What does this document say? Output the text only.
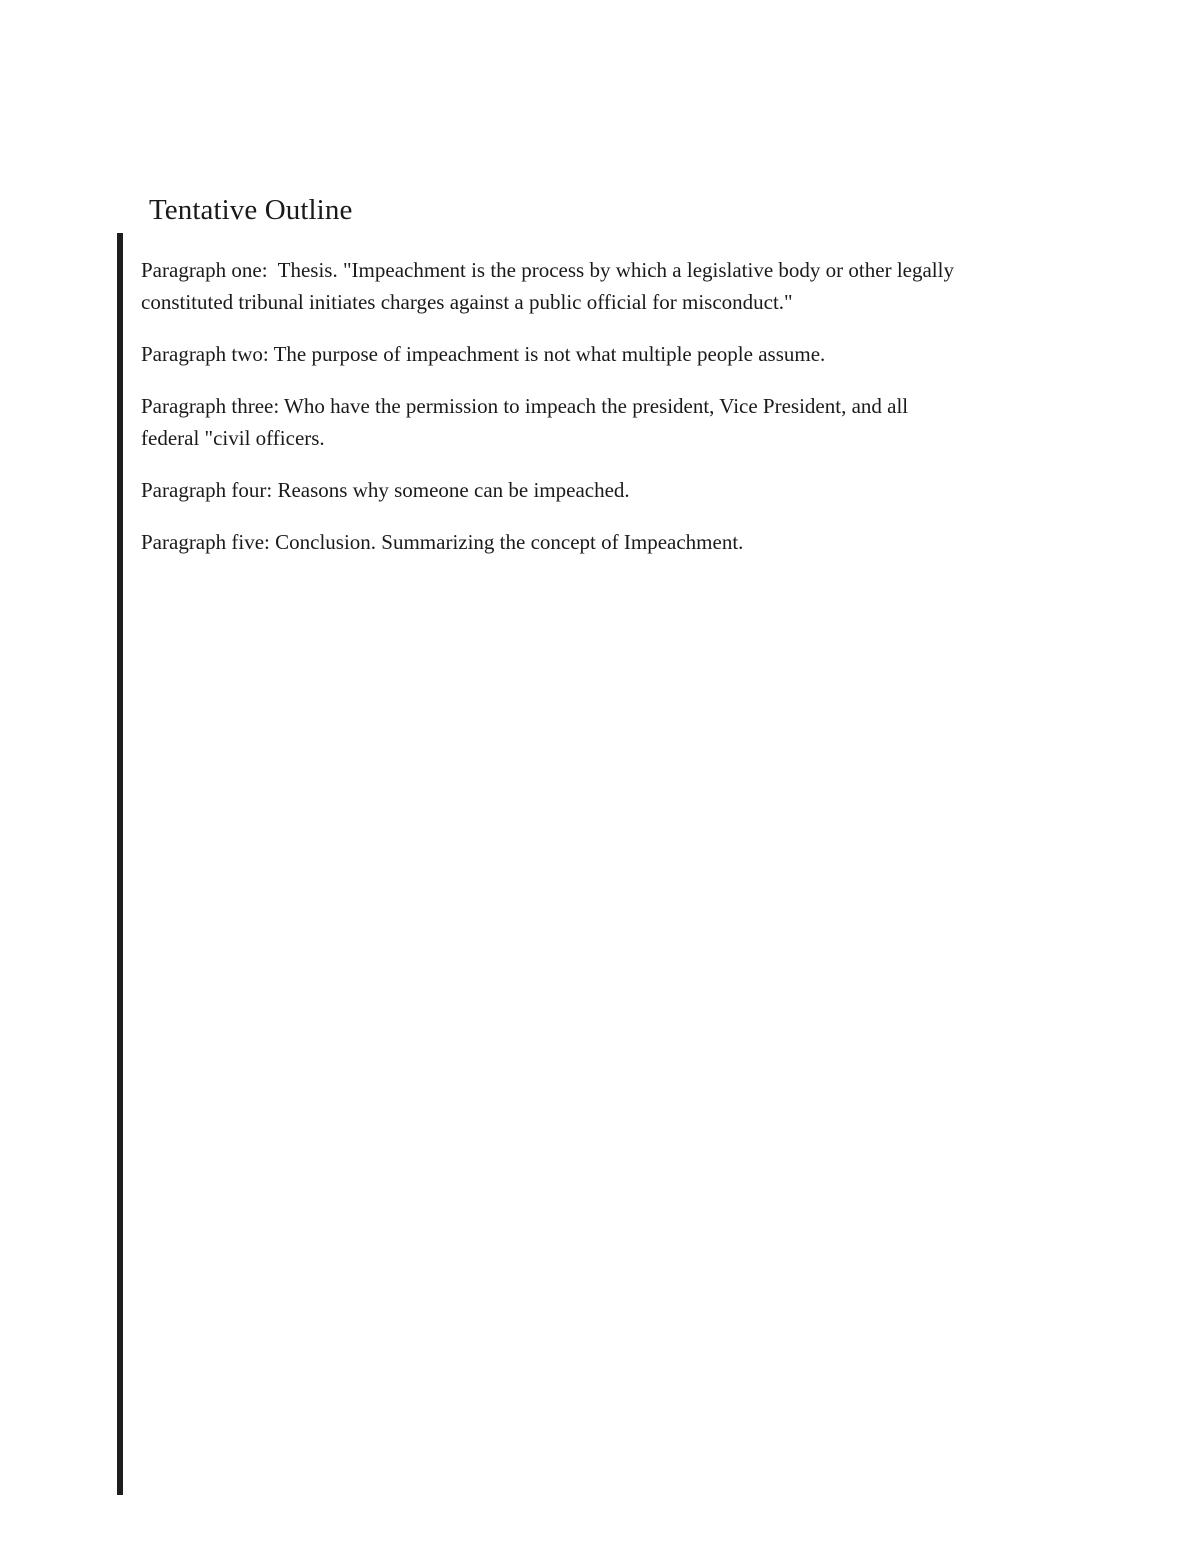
Tentative Outline

Paragraph one:  Thesis. "Impeachment is the process by which a legislative body or other legally
constituted tribunal initiates charges against a public official for misconduct."

Paragraph two: The purpose of impeachment is not what multiple people assume.

Paragraph three: Who have the permission to impeach the president, Vice President, and all
federal "civil officers.

Paragraph four: Reasons why someone can be impeached.

Paragraph five: Conclusion. Summarizing the concept of Impeachment.
